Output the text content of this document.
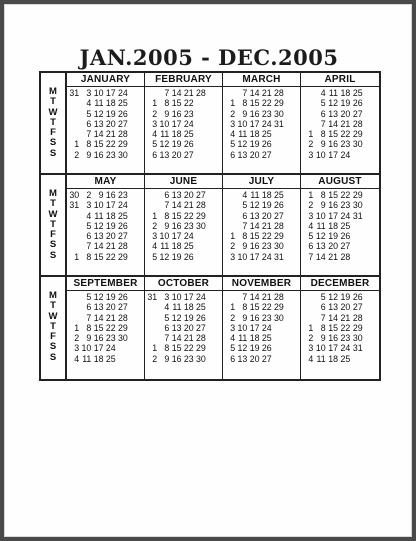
JAN.2005 - DEC.2005
M
T
W
T
F
S
S
JANUARY
31 3 10 17 24
4 11 18 25
5 12 19 26
6 13 20 27
7 14 21 28
1 8 15 22 29
2 9 16 23 30
FEBRUARY
7 14 21 28
1 8 15 22
2 9 16 23
3 10 17 24
4 11 18 25
5 12 19 26
6 13 20 27
MARCH
7 14 21 28
1 8 15 22 29
2 9 16 23 30
3 10 17 24 31
4 11 18 25
5 12 19 26
6 13 20 27
APRIL
4 11 18 25
5 12 19 26
6 13 20 27
7 14 21 28
1 8 15 22 29
2 9 16 23 30
3 10 17 24
M
T
W
T
F
S
S
MAY
30 2 9 16 23
31 3 10 17 24
4 11 18 25
5 12 19 26
6 13 20 27
7 14 21 28
1 8 15 22 29
JUNE
6 13 20 27
7 14 21 28
1 8 15 22 29
2 9 16 23 30
3 10 17 24
4 11 18 25
5 12 19 26
JULY
4 11 18 25
5 12 19 26
6 13 20 27
7 14 21 28
1 8 15 22 29
2 9 16 23 30
3 10 17 24 31
AUGUST
1 8 15 22 29
2 9 16 23 30
3 10 17 24 31
4 11 18 25
5 12 19 26
6 13 20 27
7 14 21 28
M
T
W
T
F
S
S
SEPTEMBER
5 12 19 26
6 13 20 27
7 14 21 28
1 8 15 22 29
2 9 16 23 30
3 10 17 24
4 11 18 25
OCTOBER
31 3 10 17 24
4 11 18 25
5 12 19 26
6 13 20 27
7 14 21 28
1 8 15 22 29
2 9 16 23 30
NOVEMBER
7 14 21 28
1 8 15 22 29
2 9 16 23 30
3 10 17 24
4 11 18 25
5 12 19 26
6 13 20 27
DECEMBER
5 12 19 26
6 13 20 27
7 14 21 28
1 8 15 22 29
2 9 16 23 30
3 10 17 24 31
4 11 18 25
